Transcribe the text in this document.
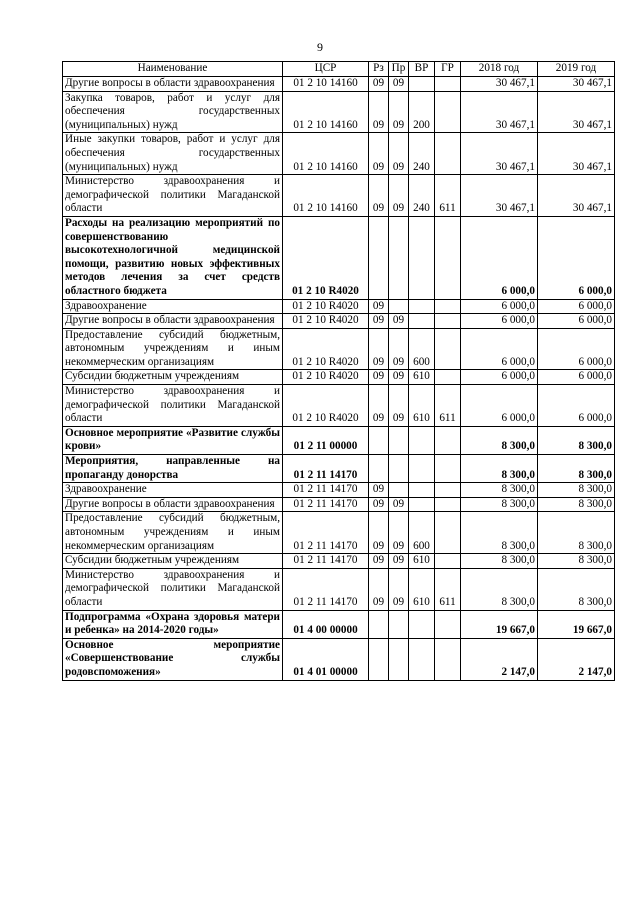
9
Наименование	ЦСР	Рз	Пр	ВР	ГР	2018 год	2019 год
Другие вопросы в области здравоохранения	01 2 10 14160	09	09			30 467,1	30 467,1
Закупка товаров, работ и услуг для обеспечения государственных (муниципальных) нужд	01 2 10 14160	09	09	200		30 467,1	30 467,1
Иные закупки товаров, работ и услуг для обеспечения государственных (муниципальных) нужд	01 2 10 14160	09	09	240		30 467,1	30 467,1
Министерство здравоохранения и демографической политики Магаданской области	01 2 10 14160	09	09	240	611	30 467,1	30 467,1
Расходы на реализацию мероприятий по совершенствованию высокотехнологичной медицинской помощи, развитию новых эффективных методов лечения за счет средств областного бюджета	01 2 10 R4020					6 000,0	6 000,0
Здравоохранение	01 2 10 R4020	09				6 000,0	6 000,0
Другие вопросы в области здравоохранения	01 2 10 R4020	09	09			6 000,0	6 000,0
Предоставление субсидий бюджетным, автономным учреждениям и иным некоммерческим организациям	01 2 10 R4020	09	09	600		6 000,0	6 000,0
Субсидии бюджетным учреждениям	01 2 10 R4020	09	09	610		6 000,0	6 000,0
Министерство здравоохранения и демографической политики Магаданской области	01 2 10 R4020	09	09	610	611	6 000,0	6 000,0
Основное мероприятие «Развитие службы крови»	01 2 11 00000					8 300,0	8 300,0
Мероприятия, направленные на пропаганду донорства	01 2 11 14170					8 300,0	8 300,0
Здравоохранение	01 2 11 14170	09				8 300,0	8 300,0
Другие вопросы в области здравоохранения	01 2 11 14170	09	09			8 300,0	8 300,0
Предоставление субсидий бюджетным, автономным учреждениям и иным некоммерческим организациям	01 2 11 14170	09	09	600		8 300,0	8 300,0
Субсидии бюджетным учреждениям	01 2 11 14170	09	09	610		8 300,0	8 300,0
Министерство здравоохранения и демографической политики Магаданской области	01 2 11 14170	09	09	610	611	8 300,0	8 300,0
Подпрограмма «Охрана здоровья матери и ребенка» на 2014-2020 годы»	01 4 00 00000					19 667,0	19 667,0
Основное мероприятие «Совершенствование службы родовспоможения»	01 4 01 00000					2 147,0	2 147,0
